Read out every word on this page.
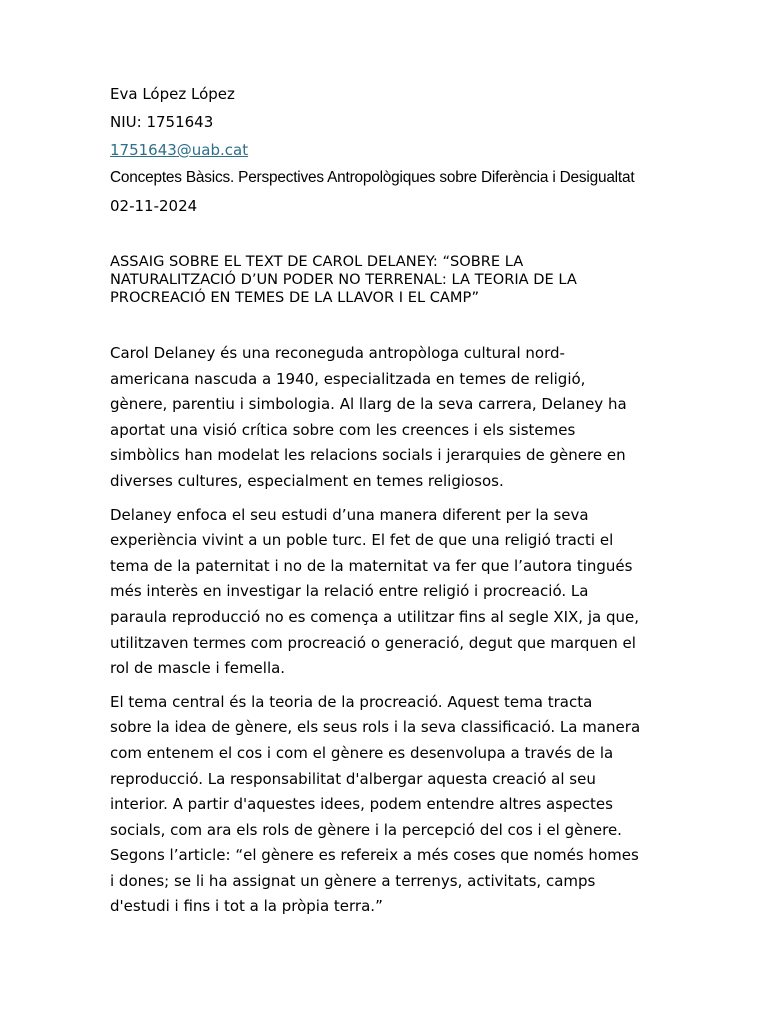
Eva López López
NIU: 1751643
1751643@uab.cat
Conceptes Bàsics. Perspectives Antropològiques sobre Diferència i Desigualtat
02-11-2024
ASSAIG SOBRE EL TEXT DE CAROL DELANEY: “SOBRE LA
NATURALITZACIÓ D’UN PODER NO TERRENAL: LA TEORIA DE LA
PROCREACIÓ EN TEMES DE LA LLAVOR I EL CAMP”

Carol Delaney és una reconeguda antropòloga cultural nord-
americana nascuda a 1940, especialitzada en temes de religió,
gènere, parentiu i simbologia. Al llarg de la seva carrera, Delaney ha
aportat una visió crítica sobre com les creences i els sistemes
simbòlics han modelat les relacions socials i jerarquies de gènere en
diverses cultures, especialment en temes religiosos.

Delaney enfoca el seu estudi d’una manera diferent per la seva
experiència vivint a un poble turc. El fet de que una religió tracti el
tema de la paternitat i no de la maternitat va fer que l’autora tingués
més interès en investigar la relació entre religió i procreació. La
paraula reproducció no es comença a utilitzar fins al segle XIX, ja que,
utilitzaven termes com procreació o generació, degut que marquen el
rol de mascle i femella.

El tema central és la teoria de la procreació. Aquest tema tracta
sobre la idea de gènere, els seus rols i la seva classificació. La manera
com entenem el cos i com el gènere es desenvolupa a través de la
reproducció. La responsabilitat d'albergar aquesta creació al seu
interior. A partir d'aquestes idees, podem entendre altres aspectes
socials, com ara els rols de gènere i la percepció del cos i el gènere.
Segons l’article: “el gènere es refereix a més coses que només homes
i dones; se li ha assignat un gènere a terrenys, activitats, camps
d'estudi i fins i tot a la pròpia terra.”
